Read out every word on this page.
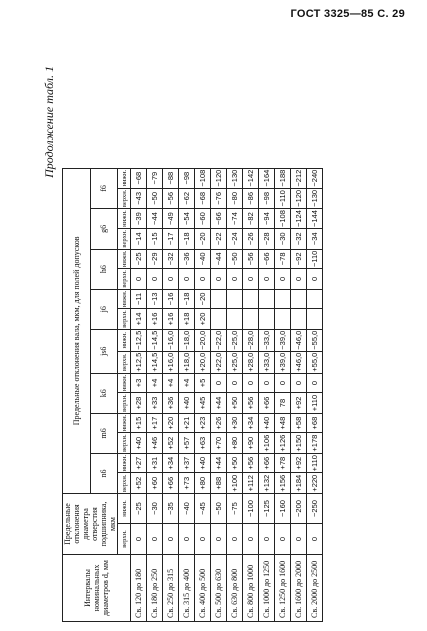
ГОСТ 3325—85 С. 29
Продолжение табл. 1
Интервалы номинальных диаметров d, мм	Предельные отклонения диаметра отверстия подшипника, мкм		Предельные отклонения вала, мкм, для полей допусков															
			n6		m6		k6		js6		j6		h6		g6		f6	
	верхн.	нижн.	верхн.	нижн.	верхн.	нижн.	верхн.	нижн.	верхн.	нижн.	верхн.	нижн.	верхн.	нижн.	верхн.	нижн.	верхн.	нижн.
Св. 120 до 180	0	−25	+52	+27	+40	+15	+28	+3	+12,5	−12,5	+14	−11	0	−25	−14	−39	−43	−68
Св. 180 до 250	0	−30	+60	+31	+46	+17	+33	+4	+14,5	−14,5	+16	−13	0	−29	−15	−44	−50	−79
Св. 250 до 315	0	−35	+66	+34	+52	+20	+36	+4	+16,0	−16,0	+16	−16	0	−32	−17	−49	−56	−88
Св. 315 до 400	0	−40	+73	+37	+57	+21	+40	+4	+18,0	−18,0	+18	−18	0	−36	−18	−54	−62	−98
Св. 400 до 500	0	−45	+80	+40	+63	+23	+45	+5	+20,0	−20,0	+20	−20	0	−40	−20	−60	−68	−108
Св. 500 до 630	0	−50	+88	+44	+70	+26	+44	0	+22,0	−22,0			0	−44	−22	−66	−76	−120
Св. 630 до 800	0	−75	+100	+50	+80	+30	+50	0	+25,0	−25,0			0	−50	−24	−74	−80	−130
Св. 800 до 1000	0	−100	+112	+56	+90	+34	+56	0	+28,0	−28,0			0	−56	−26	−82	−86	−142
Св. 1000 до 1250	0	−125	+132	+66	+106	+40	+66	0	+33,0	−33,0			0	−66	−28	−94	−98	−164
Св. 1250 до 1600	0	−160	+156	+78	+126	+48	78	0	+39,0	−39,0			0	−78	−30	−108	−110	−188
Св. 1600 до 2000	0	−200	+184	+92	+150	+58	+92	0	+46,0	−46,0			0	−92	−32	−124	−120	−212
Св. 2000 до 2500	0	−250	+220	+110	+178	+68	+110	0	+55,0	−55,0			0	−110	−34	−144	−130	−240
